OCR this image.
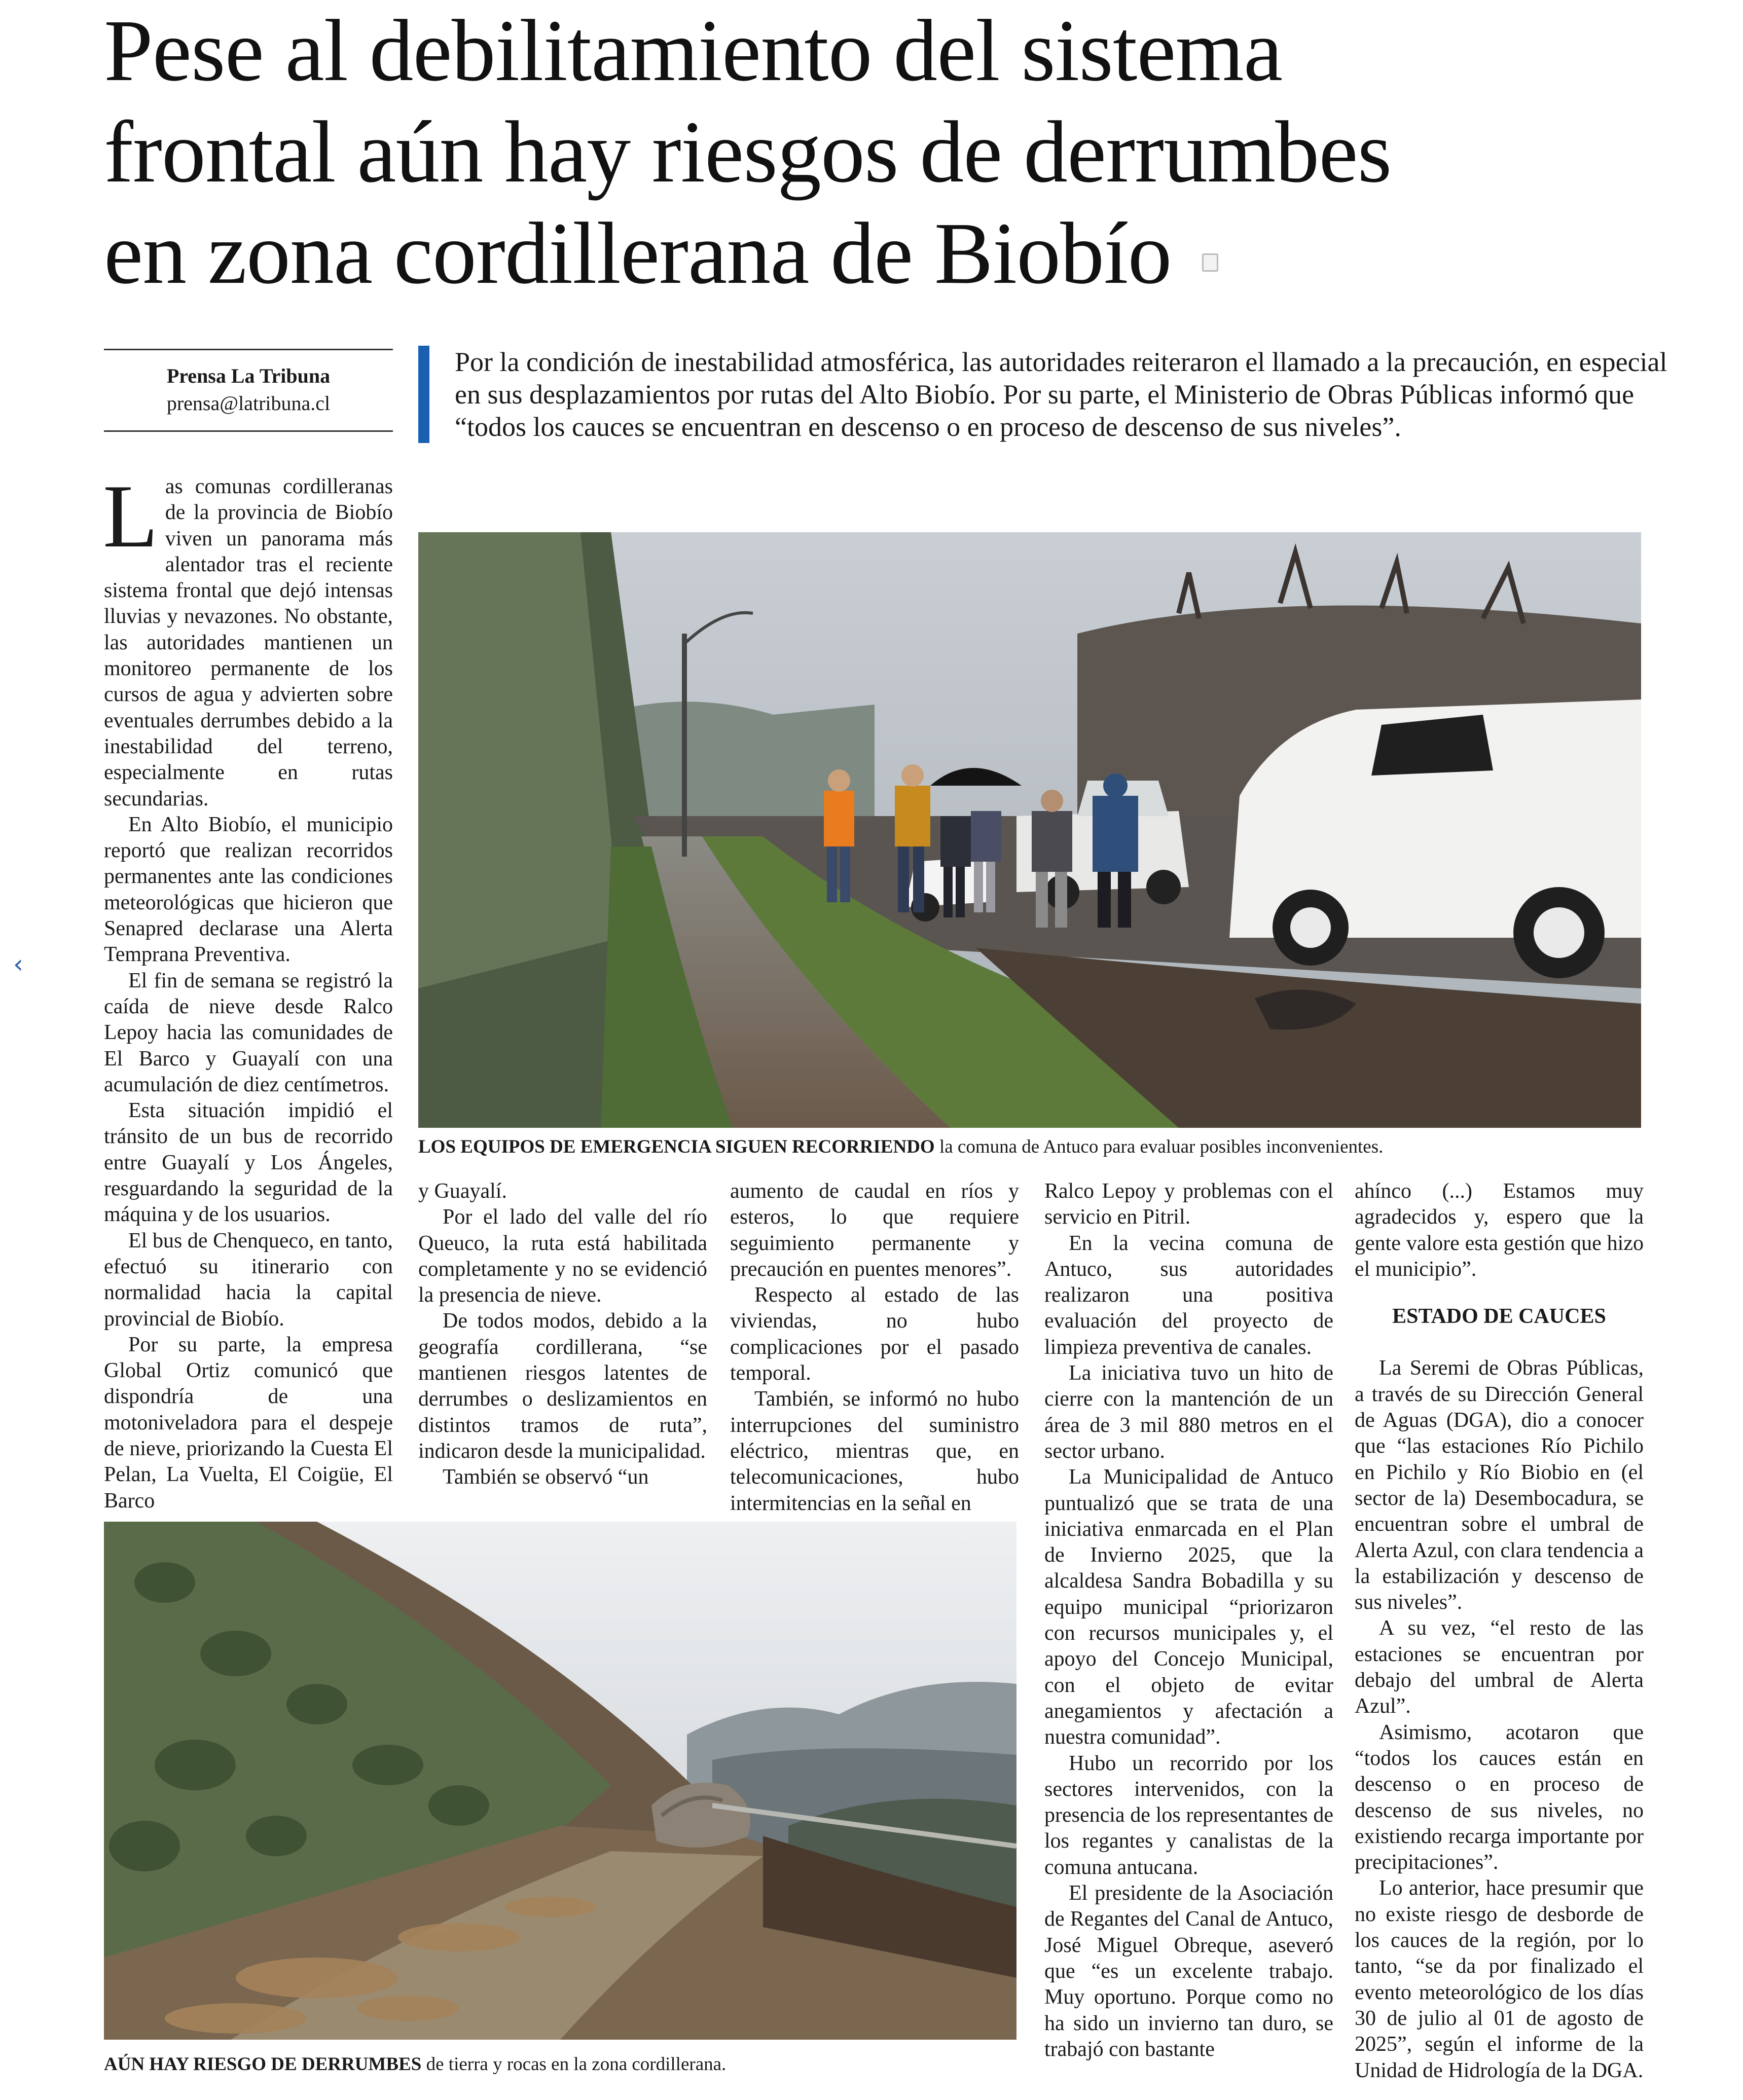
Pese al debilitamiento del sistema
frontal aún hay riesgos de derrumbes
en zona cordillerana de Biobío
Prensa La Tribuna
prensa@latribuna.cl
Por la condición de inestabilidad atmosférica, las autoridades reiteraron el llamado a la precaución, en especial en sus desplazamientos por rutas del Alto Biobío. Por su parte, el Ministerio de Obras Públicas informó que “todos los cauces se encuentran en descenso o en proceso de descenso de sus niveles”.
LOS EQUIPOS DE EMERGENCIA SIGUEN RECORRIENDO la comuna de Antuco para evaluar posibles inconvenientes.
AÚN HAY RIESGO DE DERRUMBES de tierra y rocas en la zona cordillerana.

Las comunas cordilleranas de la provincia de Biobío viven un panorama más alentador tras el reciente sistema frontal que dejó intensas lluvias y nevazones. No obstante, las autoridades mantienen un monitoreo permanente de los cursos de agua y advierten sobre eventuales derrumbes debido a la inestabilidad del terreno, especialmente en rutas secundarias.

En Alto Biobío, el municipio reportó que realizan recorridos permanentes ante las condiciones meteorológicas que hicieron que Senapred declarase una Alerta Temprana Preventiva.

El fin de semana se registró la caída de nieve desde Ralco Lepoy hacia las comunidades de El Barco y Guayalí con una acumulación de diez centímetros.

Esta situación impidió el tránsito de un bus de recorrido entre Guayalí y Los Ángeles, resguardando la seguridad de la máquina y de los usuarios.

El bus de Chenqueco, en tanto, efectuó su itinerario con normalidad hacia la capital provincial de Biobío.

Por su parte, la empresa Global Ortiz comunicó que dispondría de una motoniveladora para el despeje de nieve, priorizando la Cuesta El Pelan, La Vuelta, El Coigüe, El Barco

y Guayalí.

Por el lado del valle del río Queuco, la ruta está habilitada completamente y no se evidenció la presencia de nieve.

De todos modos, debido a la geografía cordillerana, “se mantienen riesgos latentes de derrumbes o deslizamientos en distintos tramos de ruta”, indicaron desde la municipalidad.

También se observó “un

aumento de caudal en ríos y esteros, lo que requiere seguimiento permanente y precaución en puentes menores”.

Respecto al estado de las viviendas, no hubo complicaciones por el pasado temporal.

También, se informó no hubo interrupciones del suministro eléctrico, mientras que, en telecomunicaciones, hubo intermitencias en la señal en

Ralco Lepoy y problemas con el servicio en Pitril.

En la vecina comuna de Antuco, sus autoridades realizaron una positiva evaluación del proyecto de limpieza preventiva de canales.

La iniciativa tuvo un hito de cierre con la mantención de un área de 3 mil 880 metros en el sector urbano.

La Municipalidad de Antuco puntualizó que se trata de una iniciativa enmarcada en el Plan de Invierno 2025, que la alcaldesa Sandra Bobadilla y su equipo municipal “priorizaron con recursos municipales y, el apoyo del Concejo Municipal, con el objeto de evitar anegamientos y afectación a nuestra comunidad”.

Hubo un recorrido por los sectores intervenidos, con la presencia de los representantes de los regantes y canalistas de la comuna antucana.

El presidente de la Asociación de Regantes del Canal de Antuco, José Miguel Obreque, aseveró que “es un excelente trabajo. Muy oportuno. Porque como no ha sido un invierno tan duro, se trabajó con bastante

ahínco (...) Estamos muy agradecidos y, espero que la gente valore esta gestión que hizo el municipio”.

ESTADO DE CAUCES

La Seremi de Obras Públicas, a través de su Dirección General de Aguas (DGA), dio a conocer que “las estaciones Río Pichilo en Pichilo y Río Biobio en (el sector de la) Desembocadura, se encuentran sobre el umbral de Alerta Azul, con clara tendencia a la estabilización y descenso de sus niveles”.

A su vez, “el resto de las estaciones se encuentran por debajo del umbral de Alerta Azul”.

Asimismo, acotaron que “todos los cauces están en descenso o en proceso de descenso de sus niveles, no existiendo recarga importante por precipitaciones”.

Lo anterior, hace presumir que no existe riesgo de desborde de los cauces de la región, por lo tanto, “se da por finalizado el evento meteorológico de los días 30 de julio al 01 de agosto de 2025”, según el informe de la Unidad de Hidrología de la DGA.

‹
